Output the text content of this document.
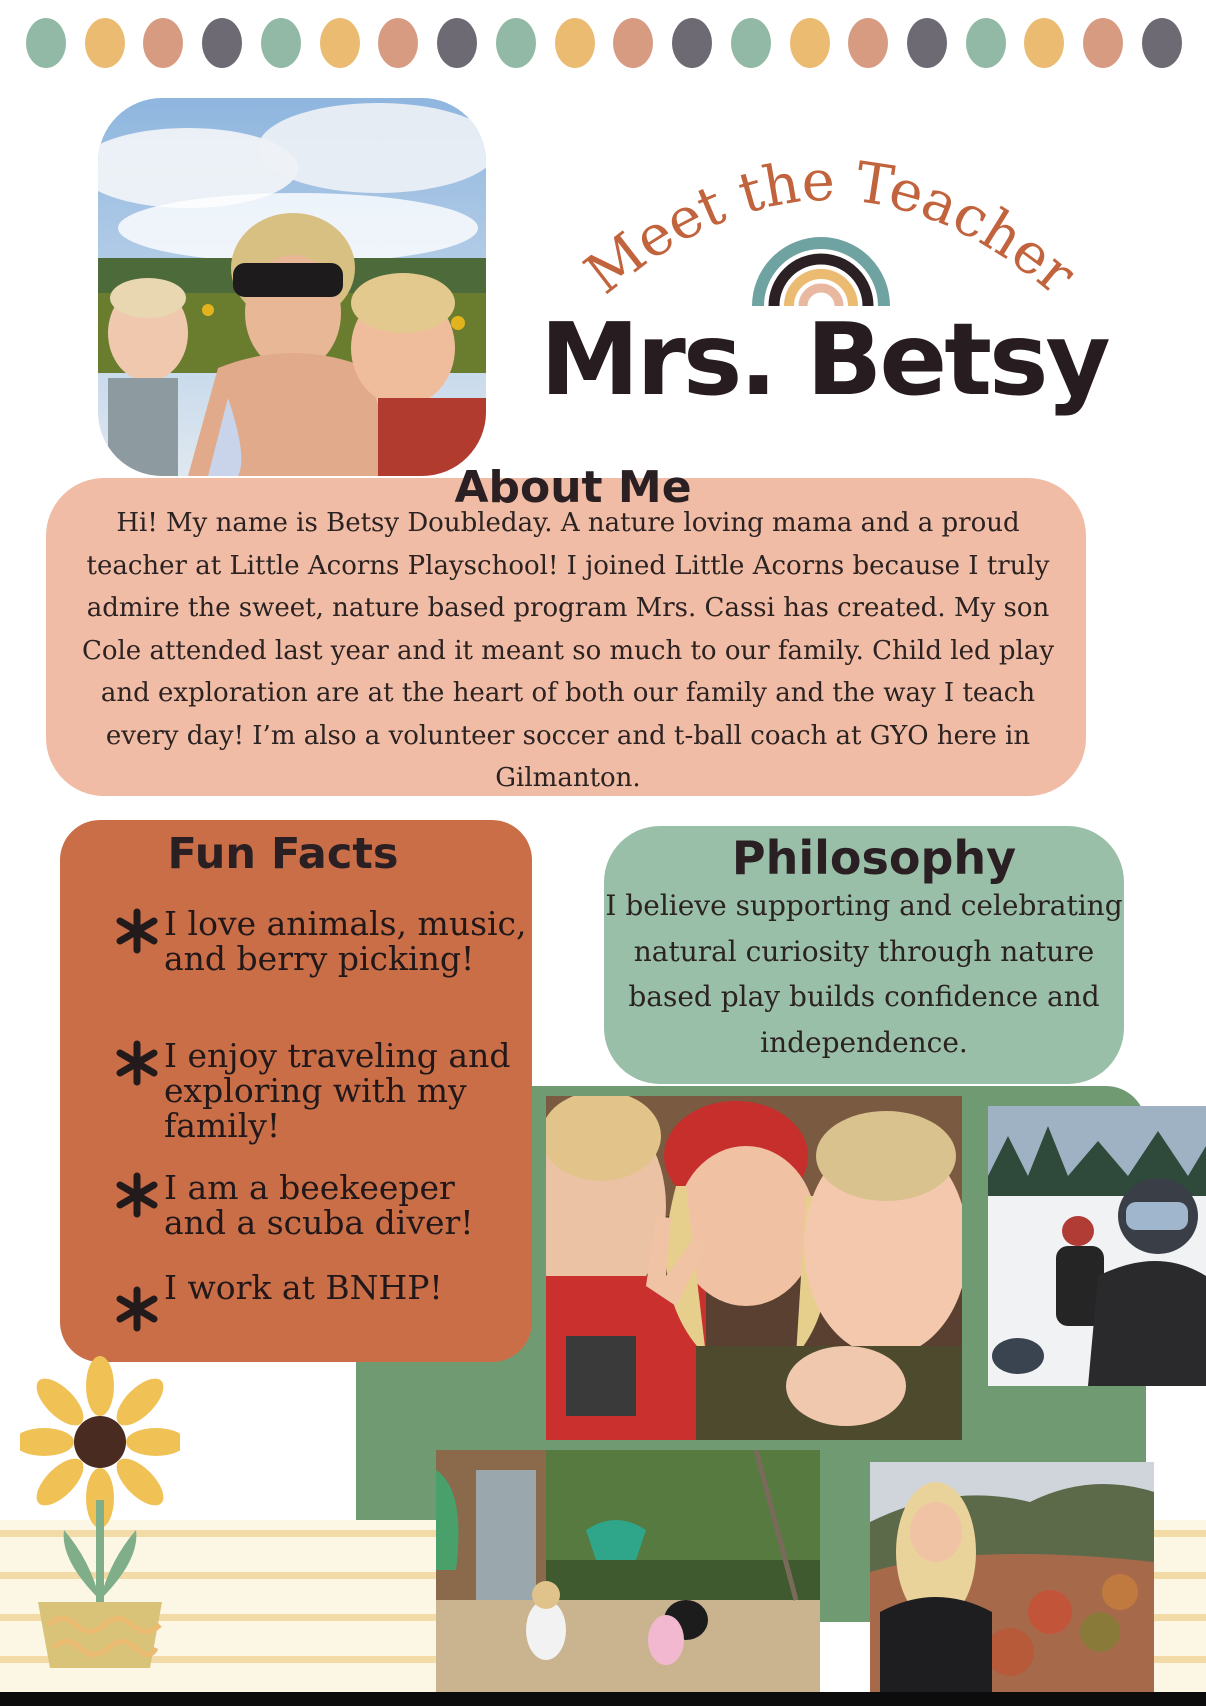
Meet the Teacher
Mrs. Betsy
About Me
Hi! My name is Betsy Doubleday. A nature loving mama and a proud teacher at Little Acorns Playschool! I joined Little Acorns because I truly admire the sweet, nature based program Mrs. Cassi has created. My son Cole attended last year and it meant so much to our family. Child led play and exploration are at the heart of both our family and the way I teach every day! I’m also a volunteer soccer and t-ball coach at GYO here in Gilmanton.
Fun Facts
I love animals, music, and berry picking!
I enjoy traveling and exploring with my family!
I am a beekeeper and a scuba diver!
I work at BNHP!
Philosophy
I believe supporting and celebrating natural curiosity through nature based play builds confidence and independence.
